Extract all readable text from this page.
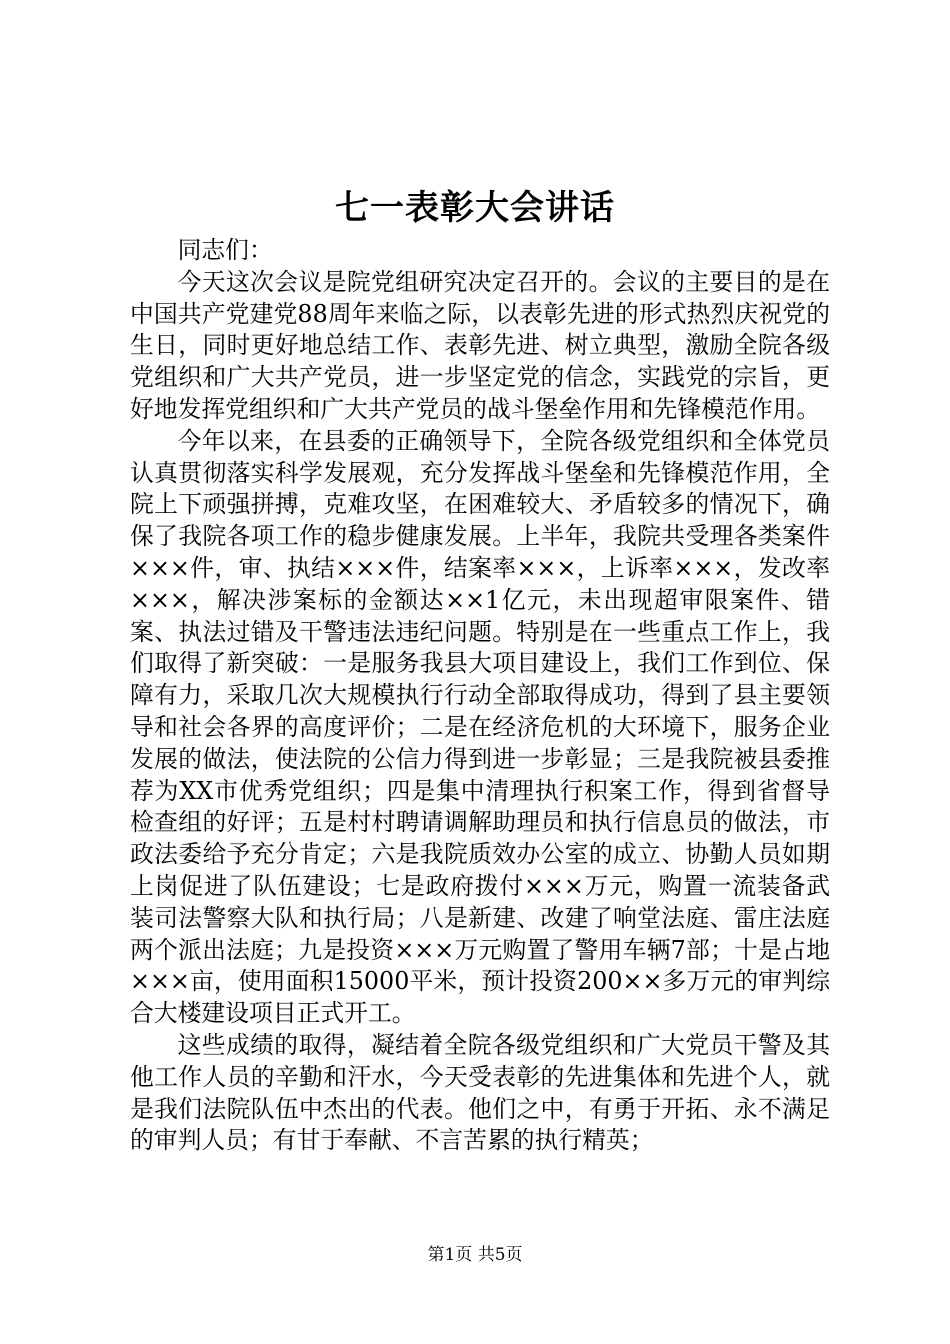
七一表彰大会讲话

同志们：

今天这次会议是院党组研究决定召开的。会议的主要目的是在中国共产党建党88周年来临之际，以表彰先进的形式热烈庆祝党的生日，同时更好地总结工作、表彰先进、树立典型，激励全院各级党组织和广大共产党员，进一步坚定党的信念，实践党的宗旨，更好地发挥党组织和广大共产党员的战斗堡垒作用和先锋模范作用。

今年以来，在县委的正确领导下，全院各级党组织和全体党员认真贯彻落实科学发展观，充分发挥战斗堡垒和先锋模范作用，全院上下顽强拼搏，克难攻坚，在困难较大、矛盾较多的情况下，确保了我院各项工作的稳步健康发展。上半年，我院共受理各类案件×××件，审、执结×××件，结案率×××，上诉率×××，发改率×××，解决涉案标的金额达××1亿元，未出现超审限案件、错案、执法过错及干警违法违纪问题。特别是在一些重点工作上，我们取得了新突破：一是服务我县大项目建设上，我们工作到位、保障有力，采取几次大规模执行行动全部取得成功，得到了县主要领导和社会各界的高度评价；二是在经济危机的大环境下，服务企业发展的做法，使法院的公信力得到进一步彰显；三是我院被县委推荐为XX市优秀党组织；四是集中清理执行积案工作，得到省督导检查组的好评；五是村村聘请调解助理员和执行信息员的做法，市政法委给予充分肯定；六是我院质效办公室的成立、协勤人员如期上岗促进了队伍建设；七是政府拨付×××万元，购置一流装备武装司法警察大队和执行局；八是新建、改建了响堂法庭、雷庄法庭两个派出法庭；九是投资×××万元购置了警用车辆7部；十是占地×××亩，使用面积15000平米，预计投资200××多万元的审判综合大楼建设项目正式开工。

这些成绩的取得，凝结着全院各级党组织和广大党员干警及其他工作人员的辛勤和汗水，今天受表彰的先进集体和先进个人，就是我们法院队伍中杰出的代表。他们之中，有勇于开拓、永不满足的审判人员；有甘于奉献、不言苦累的执行精英；

第1页 共5页
